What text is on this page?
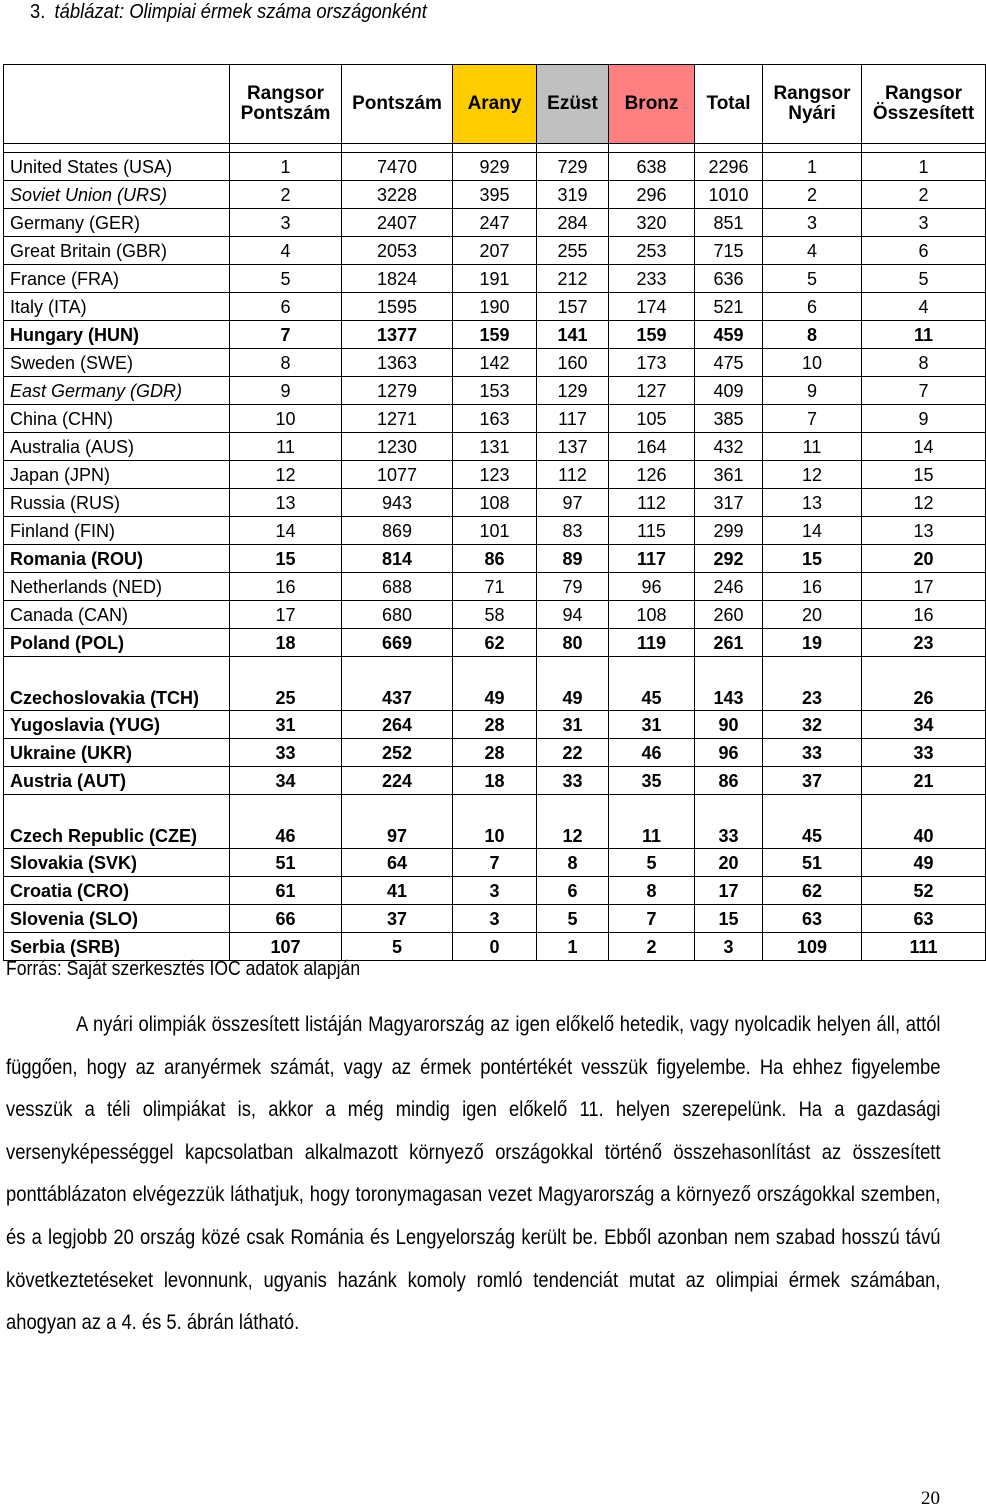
3. táblázat: Olimpiai érmek száma országonként
	Rangsor Pontszám	Pontszám	Arany	Ezüst	Bronz	Total	Rangsor Nyári	Rangsor Összesített

United States (USA)	1	7470	929	729	638	2296	1	1
Soviet Union (URS)	2	3228	395	319	296	1010	2	2
Germany (GER)	3	2407	247	284	320	851	3	3
Great Britain (GBR)	4	2053	207	255	253	715	4	6
France (FRA)	5	1824	191	212	233	636	5	5
Italy (ITA)	6	1595	190	157	174	521	6	4
Hungary (HUN)	7	1377	159	141	159	459	8	11
Sweden (SWE)	8	1363	142	160	173	475	10	8
East Germany (GDR)	9	1279	153	129	127	409	9	7
China (CHN)	10	1271	163	117	105	385	7	9
Australia (AUS)	11	1230	131	137	164	432	11	14
Japan (JPN)	12	1077	123	112	126	361	12	15
Russia (RUS)	13	943	108	97	112	317	13	12
Finland (FIN)	14	869	101	83	115	299	14	13
Romania (ROU)	15	814	86	89	117	292	15	20
Netherlands (NED)	16	688	71	79	96	246	16	17
Canada (CAN)	17	680	58	94	108	260	20	16
Poland (POL)	18	669	62	80	119	261	19	23
Czechoslovakia (TCH)	25	437	49	49	45	143	23	26
Yugoslavia (YUG)	31	264	28	31	31	90	32	34
Ukraine (UKR)	33	252	28	22	46	96	33	33
Austria (AUT)	34	224	18	33	35	86	37	21
Czech Republic (CZE)	46	97	10	12	11	33	45	40
Slovakia (SVK)	51	64	7	8	5	20	51	49
Croatia (CRO)	61	41	3	6	8	17	62	52
Slovenia (SLO)	66	37	3	5	7	15	63	63
Serbia (SRB)	107	5	0	1	2	3	109	111
Forrás: Saját szerkesztés IOC adatok alapján

A nyári olimpiák összesített listáján Magyarország az igen előkelő hetedik, vagy nyolcadik helyen áll, attól függően, hogy az aranyérmek számát, vagy az érmek pontértékét vesszük figyelembe. Ha ehhez figyelembe vesszük a téli olimpiákat is, akkor a még mindig igen előkelő 11. helyen szerepelünk. Ha a gazdasági versenyképességgel kapcsolatban alkalmazott környező országokkal történő összehasonlítást az összesített ponttáblázaton elvégezzük láthatjuk, hogy toronymagasan vezet Magyarország a környező országokkal szemben, és a legjobb 20 ország közé csak Románia és Lengyelország került be. Ebből azonban nem szabad hosszú távú következtetéseket levonnunk, ugyanis hazánk komoly romló tendenciát mutat az olimpiai érmek számában, ahogyan az a 4. és 5. ábrán látható.

20
